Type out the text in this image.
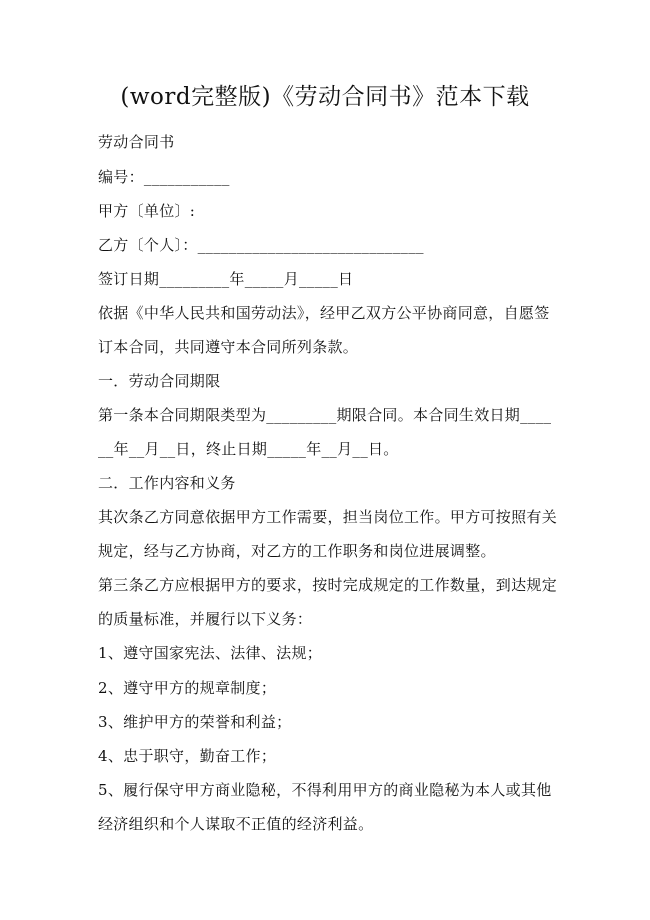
(word完整版)《劳动合同书》范本下载
劳动合同书
编号：___________
甲方〔单位〕:
乙方〔个人〕：_____________________________
签订日期_________年_____月_____日
依据《中华人民共和国劳动法》，经甲乙双方公平协商同意，自愿签
订本合同，共同遵守本合同所列条款。
一．劳动合同期限
第一条本合同期限类型为_________期限合同。本合同生效日期____
__年__月__日，终止日期_____年__月__日。
二．工作内容和义务
其次条乙方同意依据甲方工作需要，担当岗位工作。甲方可按照有关
规定，经与乙方协商，对乙方的工作职务和岗位进展调整。
第三条乙方应根据甲方的要求，按时完成规定的工作数量，到达规定
的质量标准，并履行以下义务：
1、遵守国家宪法、法律、法规；
2、遵守甲方的规章制度；
3、维护甲方的荣誉和利益；
4、忠于职守，勤奋工作；
5、履行保守甲方商业隐秘，不得利用甲方的商业隐秘为本人或其他
经济组织和个人谋取不正值的经济利益。
